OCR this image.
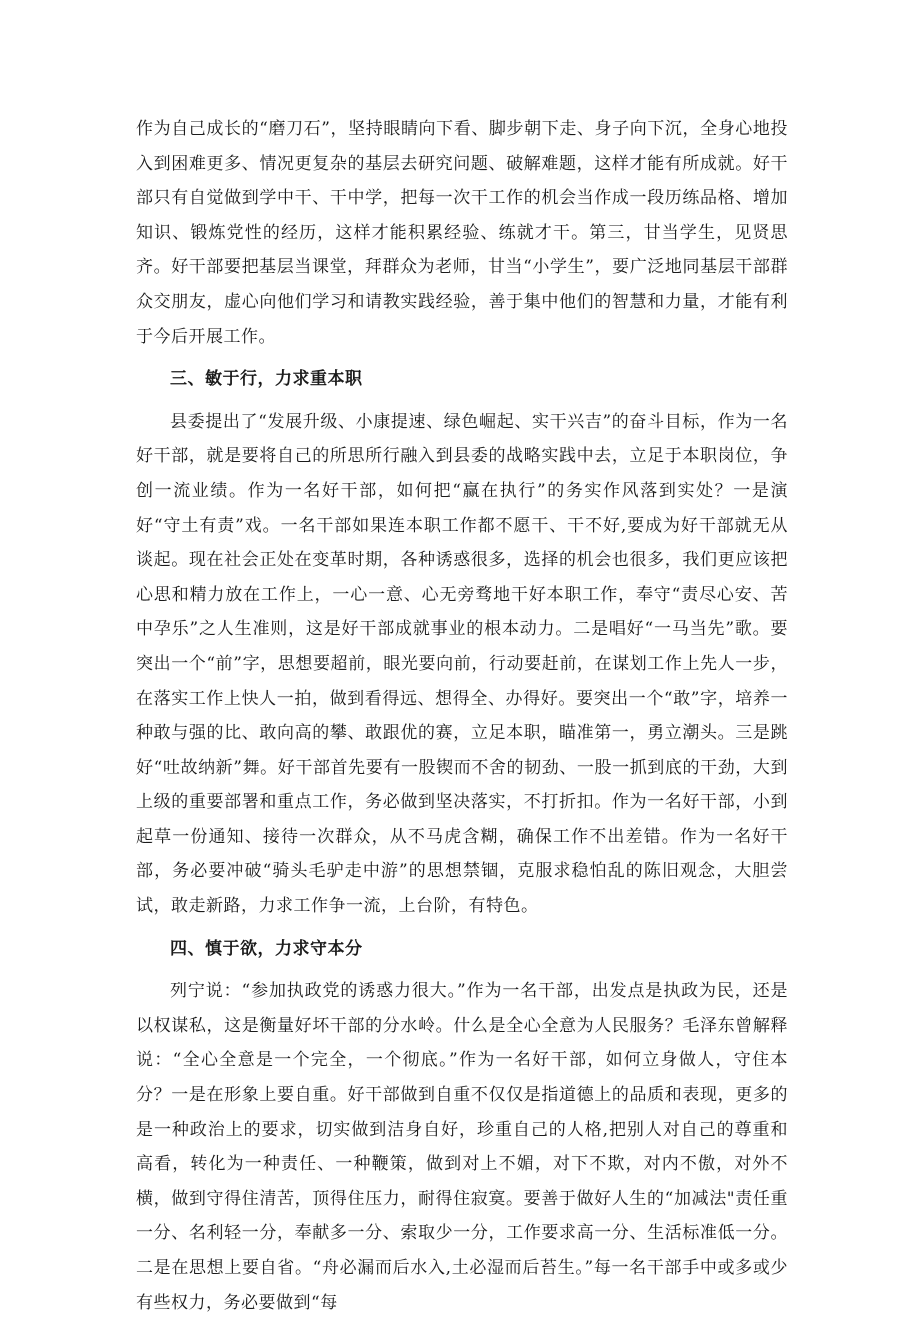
作为自己成长的“磨刀石”，坚持眼睛向下看、脚步朝下走、身子向下沉，全身心地投入到困难更多、情况更复杂的基层去研究问题、破解难题，这样才能有所成就。好干部只有自觉做到学中干、干中学，把每一次干工作的机会当作成一段历练品格、增加知识、锻炼党性的经历，这样才能积累经验、练就才干。第三，甘当学生，见贤思齐。好干部要把基层当课堂，拜群众为老师，甘当“小学生”，要广泛地同基层干部群众交朋友，虚心向他们学习和请教实践经验，善于集中他们的智慧和力量，才能有利于今后开展工作。

三、敏于行，力求重本职

县委提出了“发展升级、小康提速、绿色崛起、实干兴吉”的奋斗目标，作为一名好干部，就是要将自己的所思所行融入到县委的战略实践中去，立足于本职岗位，争创一流业绩。作为一名好干部，如何把“赢在执行”的务实作风落到实处？一是演好“守土有责”戏。一名干部如果连本职工作都不愿干、干不好,要成为好干部就无从谈起。现在社会正处在变革时期，各种诱惑很多，选择的机会也很多，我们更应该把心思和精力放在工作上，一心一意、心无旁骛地干好本职工作，奉守“责尽心安、苦中孕乐”之人生准则，这是好干部成就事业的根本动力。二是唱好“一马当先”歌。要突出一个“前”字，思想要超前，眼光要向前，行动要赶前，在谋划工作上先人一步，在落实工作上快人一拍，做到看得远、想得全、办得好。要突出一个“敢”字，培养一种敢与强的比、敢向高的攀、敢跟优的赛，立足本职，瞄准第一，勇立潮头。三是跳好“吐故纳新”舞。好干部首先要有一股锲而不舍的韧劲、一股一抓到底的干劲，大到上级的重要部署和重点工作，务必做到坚决落实，不打折扣。作为一名好干部，小到起草一份通知、接待一次群众，从不马虎含糊，确保工作不出差错。作为一名好干部，务必要冲破“骑头毛驴走中游”的思想禁锢，克服求稳怕乱的陈旧观念，大胆尝试，敢走新路，力求工作争一流，上台阶，有特色。

四、慎于欲，力求守本分

列宁说：“参加执政党的诱惑力很大。”作为一名干部，出发点是执政为民，还是以权谋私，这是衡量好坏干部的分水岭。什么是全心全意为人民服务？毛泽东曾解释说：“全心全意是一个完全，一个彻底。”作为一名好干部，如何立身做人，守住本分？一是在形象上要自重。好干部做到自重不仅仅是指道德上的品质和表现，更多的是一种政治上的要求，切实做到洁身自好，珍重自己的人格,把别人对自己的尊重和高看，转化为一种责任、一种鞭策，做到对上不媚，对下不欺，对内不傲，对外不横，做到守得住清苦，顶得住压力，耐得住寂寞。要善于做好人生的“加减法"责任重一分、名利轻一分，奉献多一分、索取少一分，工作要求高一分、生活标准低一分。二是在思想上要自省。“舟必漏而后水入,土必湿而后苔生。”每一名干部手中或多或少有些权力，务必要做到“每
